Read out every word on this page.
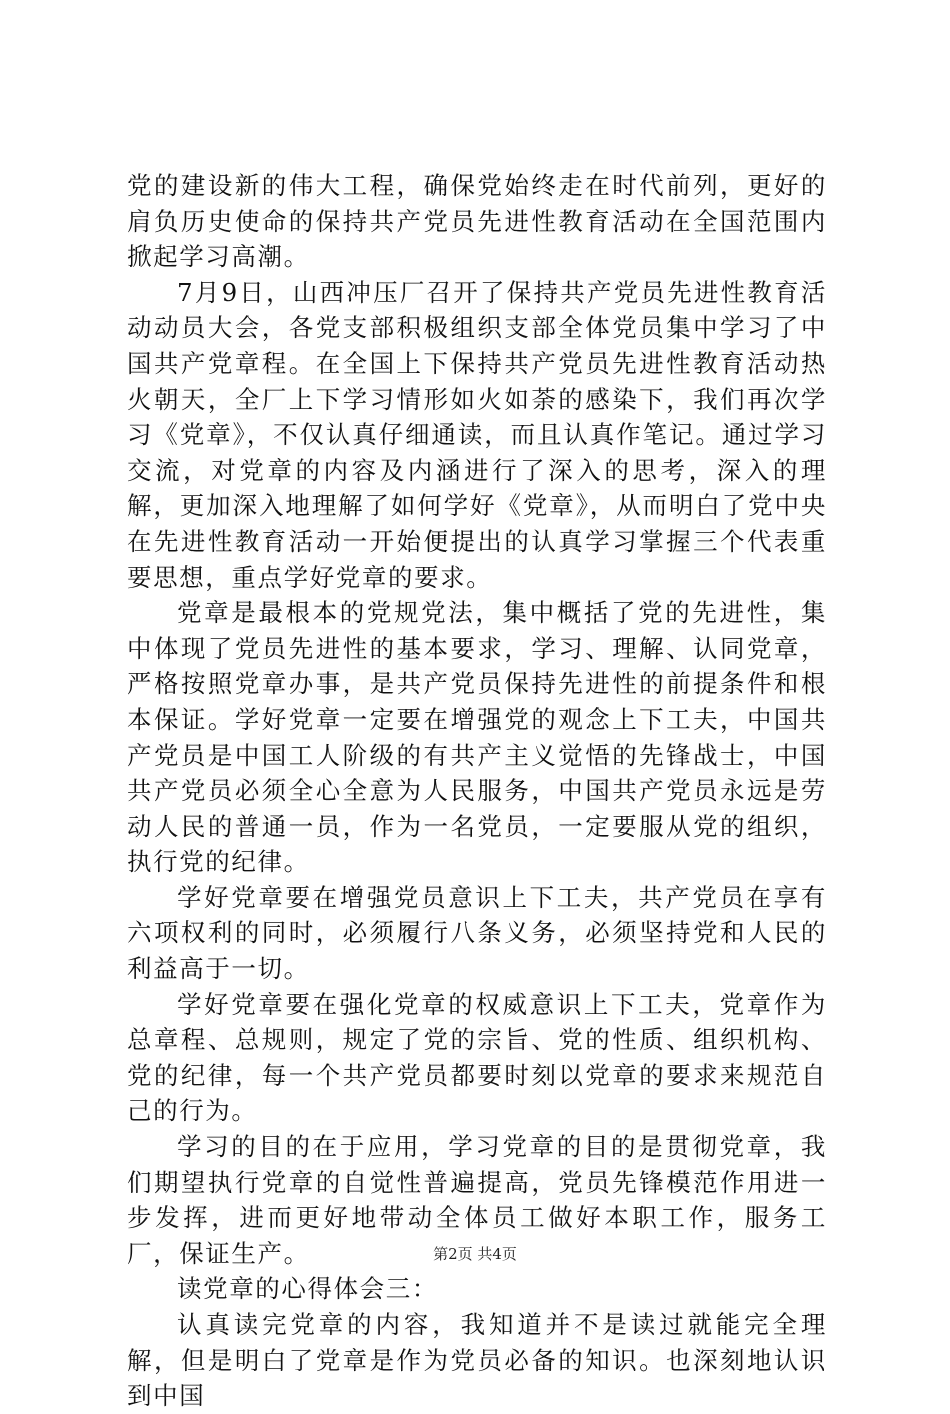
党的建设新的伟大工程，确保党始终走在时代前列，更好的肩负历史使命的保持共产党员先进性教育活动在全国范围内掀起学习高潮。

7月9日，山西冲压厂召开了保持共产党员先进性教育活动动员大会，各党支部积极组织支部全体党员集中学习了中国共产党章程。在全国上下保持共产党员先进性教育活动热火朝天，全厂上下学习情形如火如荼的感染下，我们再次学习《党章》，不仅认真仔细通读，而且认真作笔记。通过学习交流，对党章的内容及内涵进行了深入的思考，深入的理解，更加深入地理解了如何学好《党章》，从而明白了党中央在先进性教育活动一开始便提出的认真学习掌握三个代表重要思想，重点学好党章的要求。

党章是最根本的党规党法，集中概括了党的先进性，集中体现了党员先进性的基本要求，学习、理解、认同党章，严格按照党章办事，是共产党员保持先进性的前提条件和根本保证。学好党章一定要在增强党的观念上下工夫，中国共产党员是中国工人阶级的有共产主义觉悟的先锋战士，中国共产党员必须全心全意为人民服务，中国共产党员永远是劳动人民的普通一员，作为一名党员，一定要服从党的组织，执行党的纪律。

学好党章要在增强党员意识上下工夫，共产党员在享有六项权利的同时，必须履行八条义务，必须坚持党和人民的利益高于一切。

学好党章要在强化党章的权威意识上下工夫，党章作为总章程、总规则，规定了党的宗旨、党的性质、组织机构、党的纪律，每一个共产党员都要时刻以党章的要求来规范自己的行为。

学习的目的在于应用，学习党章的目的是贯彻党章，我们期望执行党章的自觉性普遍提高，党员先锋模范作用进一步发挥，进而更好地带动全体员工做好本职工作，服务工厂，保证生产。

读党章的心得体会三：

认真读完党章的内容，我知道并不是读过就能完全理解，但是明白了党章是作为党员必备的知识。也深刻地认识到中国

第2页 共4页
